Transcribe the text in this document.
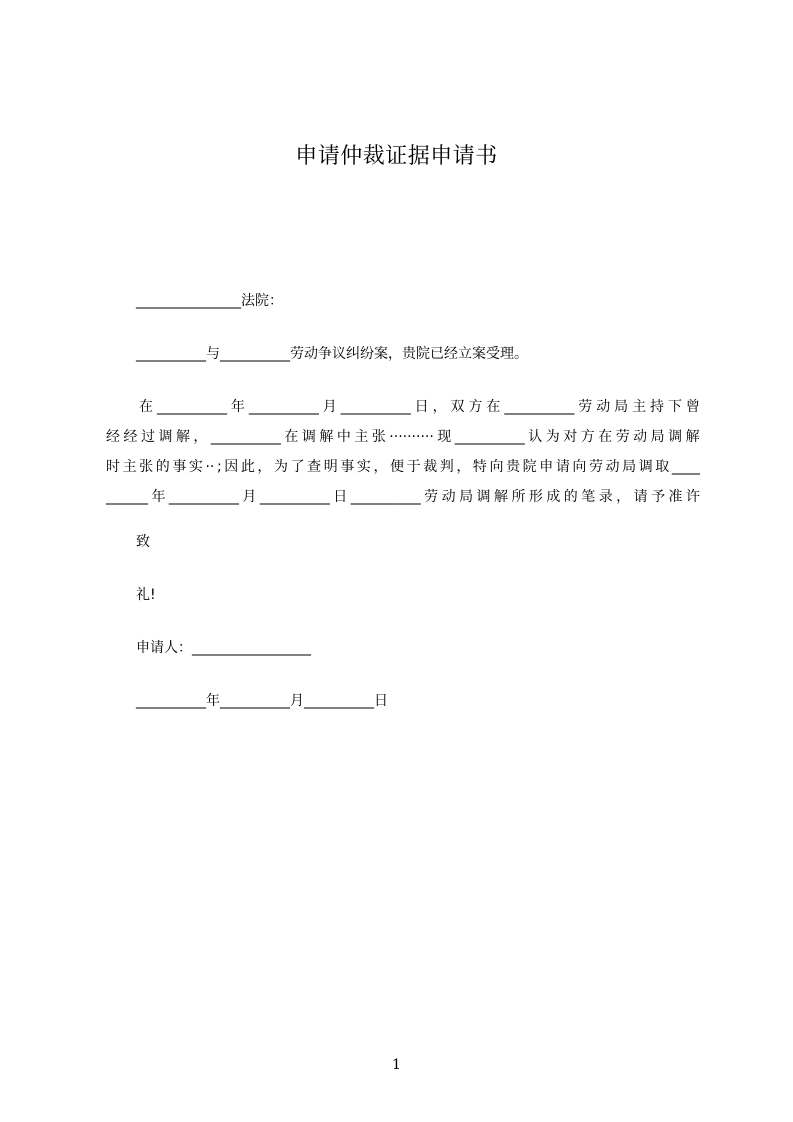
申请仲裁证据申请书
_______________法院：
__________与__________劳动争议纠纷案，贵院已经立案受理。
在 __________ 年 __________ 月 __________ 日 ， 双 方 在 __________ 劳 动 局 主 持 下 曾
经 经 过 调 解 ， __________ 在 调 解 中 主 张 ·········· 现 __________ 认 为 对 方 在 劳 动 局 调 解
时 主 张 的 事 实 ·· ; 因 此 ， 为 了 查 明 事 实 ， 便 于 裁 判 ， 特 向 贵 院 申 请 向 劳 动 局 调 取 ____
______ 年 __________ 月 __________ 日 __________ 劳 动 局 调 解 所 形 成 的 笔 录 ， 请 予 准 许
致
礼!
申请人：_________________
__________年__________月__________日
1
